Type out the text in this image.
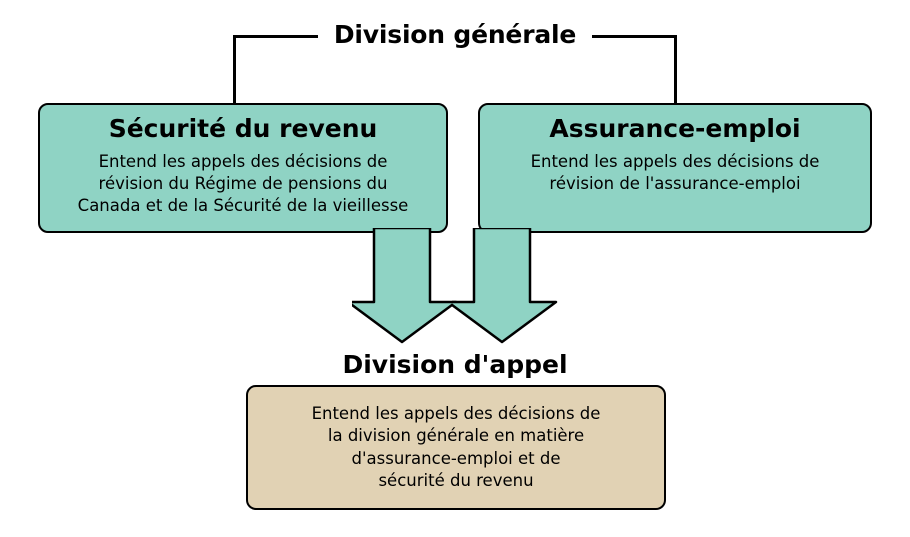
Division générale
Sécurité du revenu
Entend les appels des décisions de
révision du Régime de pensions du
Canada et de la Sécurité de la vieillesse
Assurance-emploi
Entend les appels des décisions de
révision de l'assurance-emploi
Division d'appel
Entend les appels des décisions de
la division générale en matière
d'assurance-emploi et de
sécurité du revenu
